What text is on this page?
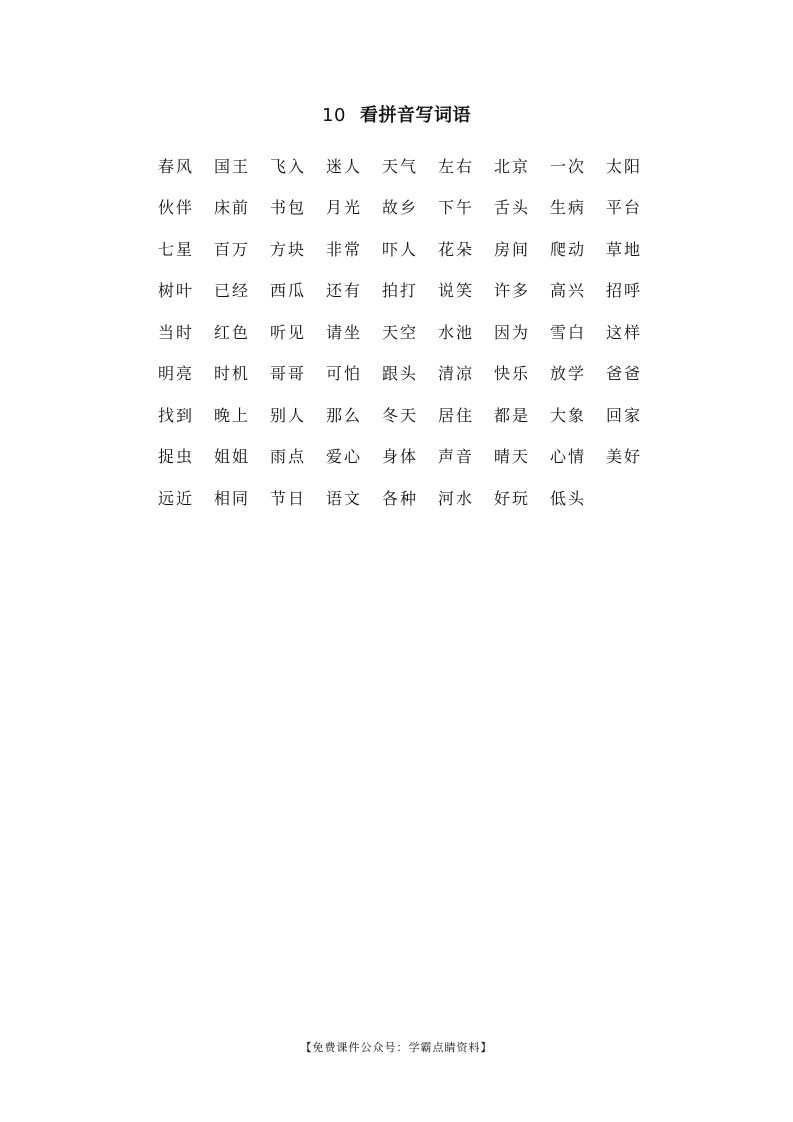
10 看拼音写词语
春风	国王	飞入	迷人	天气	左右	北京	一次	太阳
伙伴	床前	书包	月光	故乡	下午	舌头	生病	平台
七星	百万	方块	非常	吓人	花朵	房间	爬动	草地
树叶	已经	西瓜	还有	拍打	说笑	许多	高兴	招呼
当时	红色	听见	请坐	天空	水池	因为	雪白	这样
明亮	时机	哥哥	可怕	跟头	清凉	快乐	放学	爸爸
找到	晚上	别人	那么	冬天	居住	都是	大象	回家
捉虫	姐姐	雨点	爱心	身体	声音	晴天	心情	美好
远近	相同	节日	语文	各种	河水	好玩	低头
【免费课件公众号：学霸点睛资料】
